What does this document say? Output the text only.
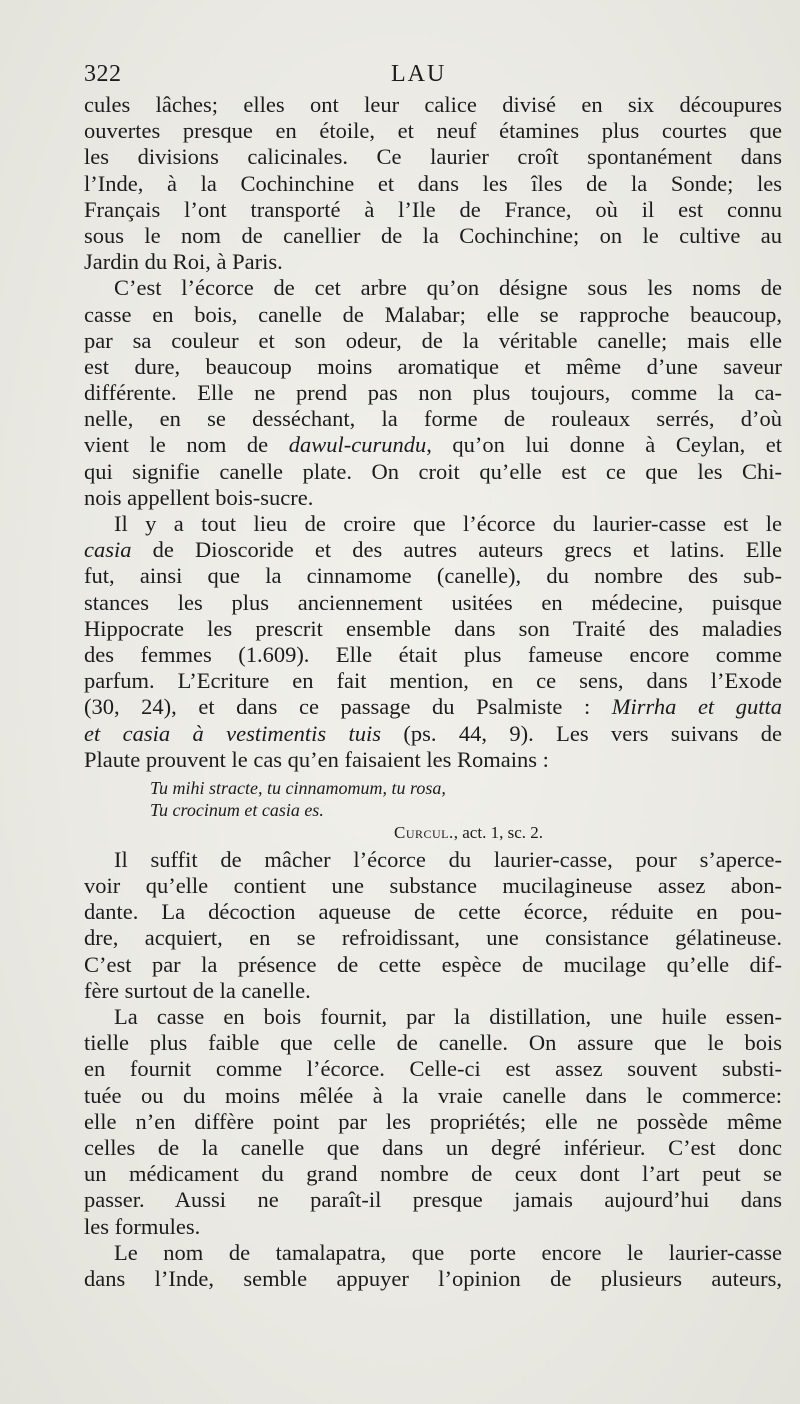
322	LAU
cules lâches; elles ont leur calice divisé en six découpures
ouvertes presque en étoile, et neuf étamines plus courtes que
les divisions calicinales. Ce laurier croît spontanément dans
l’Inde, à la Cochinchine et dans les îles de la Sonde; les
Français l’ont transporté à l’Ile de France, où il est connu
sous le nom de canellier de la Cochinchine; on le cultive au
Jardin du Roi, à Paris.
C’est l’écorce de cet arbre qu’on désigne sous les noms de
casse en bois, canelle de Malabar; elle se rapproche beaucoup,
par sa couleur et son odeur, de la véritable canelle; mais elle
est dure, beaucoup moins aromatique et même d’une saveur
différente. Elle ne prend pas non plus toujours, comme la ca-
nelle, en se desséchant, la forme de rouleaux serrés, d’où
vient le nom de dawul-curundu, qu’on lui donne à Ceylan, et
qui signifie canelle plate. On croit qu’elle est ce que les Chi-
nois appellent bois-sucre.
Il y a tout lieu de croire que l’écorce du laurier-casse est le
casia de Dioscoride et des autres auteurs grecs et latins. Elle
fut, ainsi que la cinnamome (canelle), du nombre des sub-
stances les plus anciennement usitées en médecine, puisque
Hippocrate les prescrit ensemble dans son Traité des maladies
des femmes (1.609). Elle était plus fameuse encore comme
parfum. L’Ecriture en fait mention, en ce sens, dans l’Exode
(30, 24), et dans ce passage du Psalmiste : Mirrha et gutta
et casia à vestimentis tuis (ps. 44, 9). Les vers suivans de
Plaute prouvent le cas qu’en faisaient les Romains :
Tu mihi stracte, tu cinnamomum, tu rosa,
Tu crocinum et casia es.
Curcul., act. 1, sc. 2.
Il suffit de mâcher l’écorce du laurier-casse, pour s’aperce-
voir qu’elle contient une substance mucilagineuse assez abon-
dante. La décoction aqueuse de cette écorce, réduite en pou-
dre, acquiert, en se refroidissant, une consistance gélatineuse.
C’est par la présence de cette espèce de mucilage qu’elle dif-
fère surtout de la canelle.
La casse en bois fournit, par la distillation, une huile essen-
tielle plus faible que celle de canelle. On assure que le bois
en fournit comme l’écorce. Celle-ci est assez souvent substi-
tuée ou du moins mêlée à la vraie canelle dans le commerce:
elle n’en diffère point par les propriétés; elle ne possède même
celles de la canelle que dans un degré inférieur. C’est donc
un médicament du grand nombre de ceux dont l’art peut se
passer. Aussi ne paraît-il presque jamais aujourd’hui dans
les formules.
Le nom de tamalapatra, que porte encore le laurier-casse
dans l’Inde, semble appuyer l’opinion de plusieurs auteurs,
